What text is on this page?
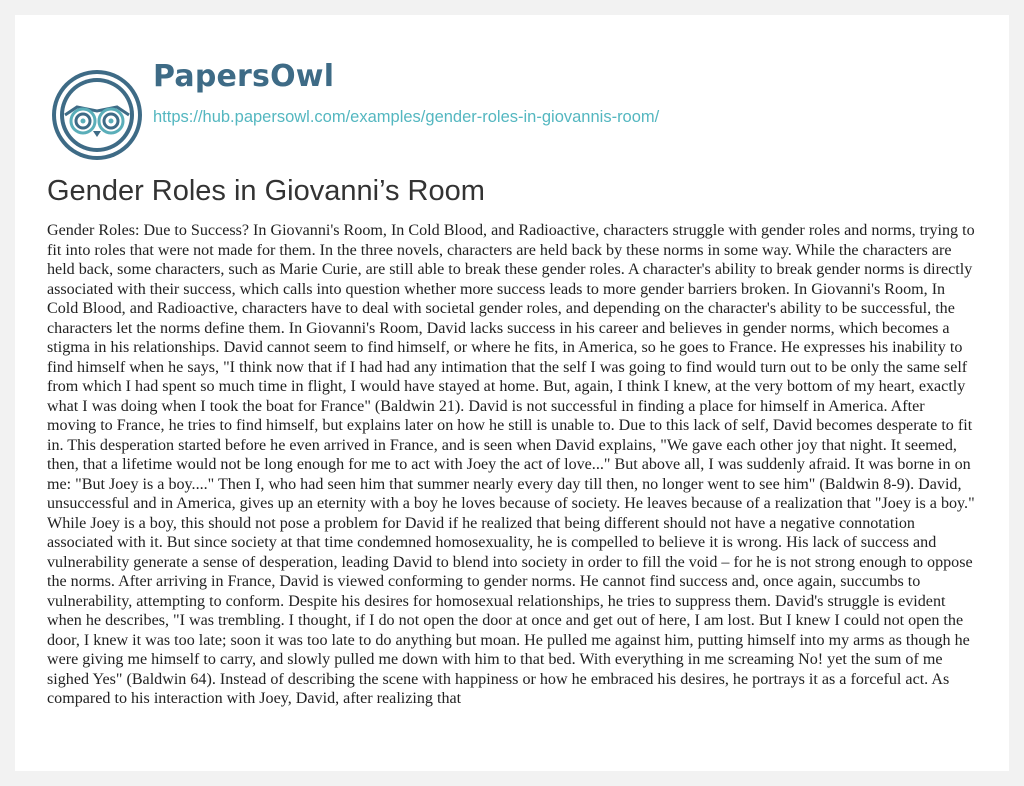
PapersOwl
https://hub.papersowl.com/examples/gender-roles-in-giovannis-room/
Gender Roles in Giovanni’s Room

Gender Roles: Due to Success? In Giovanni's Room, In Cold Blood, and Radioactive, characters struggle with gender roles and norms, trying to fit into roles that were not made for them. In the three novels, characters are held back by these norms in some way. While the characters are held back, some characters, such as Marie Curie, are still able to break these gender roles. A character's ability to break gender norms is directly associated with their success, which calls into question whether more success leads to more gender barriers broken. In Giovanni's Room, In Cold Blood, and Radioactive, characters have to deal with societal gender roles, and depending on the character's ability to be successful, the characters let the norms define them. In Giovanni's Room, David lacks success in his career and believes in gender norms, which becomes a stigma in his relationships. David cannot seem to find himself, or where he fits, in America, so he goes to France. He expresses his inability to find himself when he says, "I think now that if I had had any intimation that the self I was going to find would turn out to be only the same self from which I had spent so much time in flight, I would have stayed at home. But, again, I think I knew, at the very bottom of my heart, exactly what I was doing when I took the boat for France" (Baldwin 21). David is not successful in finding a place for himself in America. After moving to France, he tries to find himself, but explains later on how he still is unable to. Due to this lack of self, David becomes desperate to fit in. This desperation started before he even arrived in France, and is seen when David explains, "We gave each other joy that night. It seemed, then, that a lifetime would not be long enough for me to act with Joey the act of love..." But above all, I was suddenly afraid. It was borne in on me: "But Joey is a boy...." Then I, who had seen him that summer nearly every day till then, no longer went to see him" (Baldwin 8-9). David, unsuccessful and in America, gives up an eternity with a boy he loves because of society. He leaves because of a realization that "Joey is a boy." While Joey is a boy, this should not pose a problem for David if he realized that being different should not have a negative connotation associated with it. But since society at that time condemned homosexuality, he is compelled to believe it is wrong. His lack of success and vulnerability generate a sense of desperation, leading David to blend into society in order to fill the void – for he is not strong enough to oppose the norms. After arriving in France, David is viewed conforming to gender norms. He cannot find success and, once again, succumbs to vulnerability, attempting to conform. Despite his desires for homosexual relationships, he tries to suppress them. David's struggle is evident when he describes, "I was trembling. I thought, if I do not open the door at once and get out of here, I am lost. But I knew I could not open the door, I knew it was too late; soon it was too late to do anything but moan. He pulled me against him, putting himself into my arms as though he were giving me himself to carry, and slowly pulled me down with him to that bed. With everything in me screaming No! yet the sum of me sighed Yes" (Baldwin 64). Instead of describing the scene with happiness or how he embraced his desires, he portrays it as a forceful act. As compared to his interaction with Joey, David, after realizing that
